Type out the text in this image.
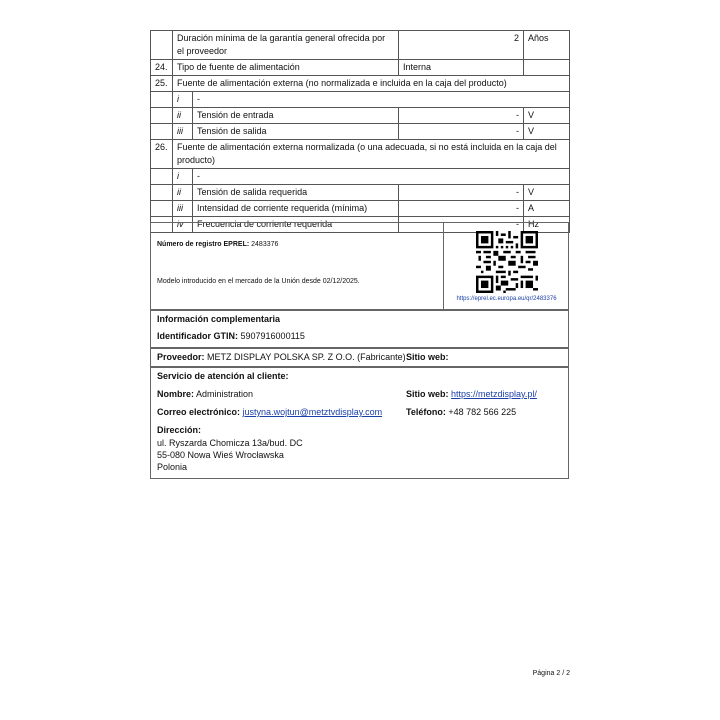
	Duración mínima de la garantía general ofrecida por el proveedor		2	Años
24.	Tipo de fuente de alimentación		Interna	
25.	Fuente de alimentación externa (no normalizada e incluida en la caja del producto)			
	i	-		
	ii	Tensión de entrada	-	V
	iii	Tensión de salida	-	V
26.	Fuente de alimentación externa normalizada (o una adecuada, si no está incluida en la caja del producto)			
	i	-		
	ii	Tensión de salida requerida	-	V
	iii	Intensidad de corriente requerida (mínima)	-	A
	iv	Frecuencia de corriente requerida	-	Hz
Número de registro EPREL: 2483376
Modelo introducido en el mercado de la Unión desde 02/12/2025.
https://eprel.ec.europa.eu/qr/2483376
Información complementaria
Identificador GTIN: 5907916000115
Proveedor: METZ DISPLAY POLSKA SP. Z O.O. (Fabricante) Sitio web:
Servicio de atención al cliente:
Nombre: Administration	Sitio web: https://metzdisplay.pl/
Correo electrónico: justyna.wojtun@metztvdisplay.com	Teléfono: +48 782 566 225
Dirección:
ul. Ryszarda Chomicza 13a/bud. DC
55-080 Nowa Wieś Wrocławska
Polonia
Página 2 / 2
